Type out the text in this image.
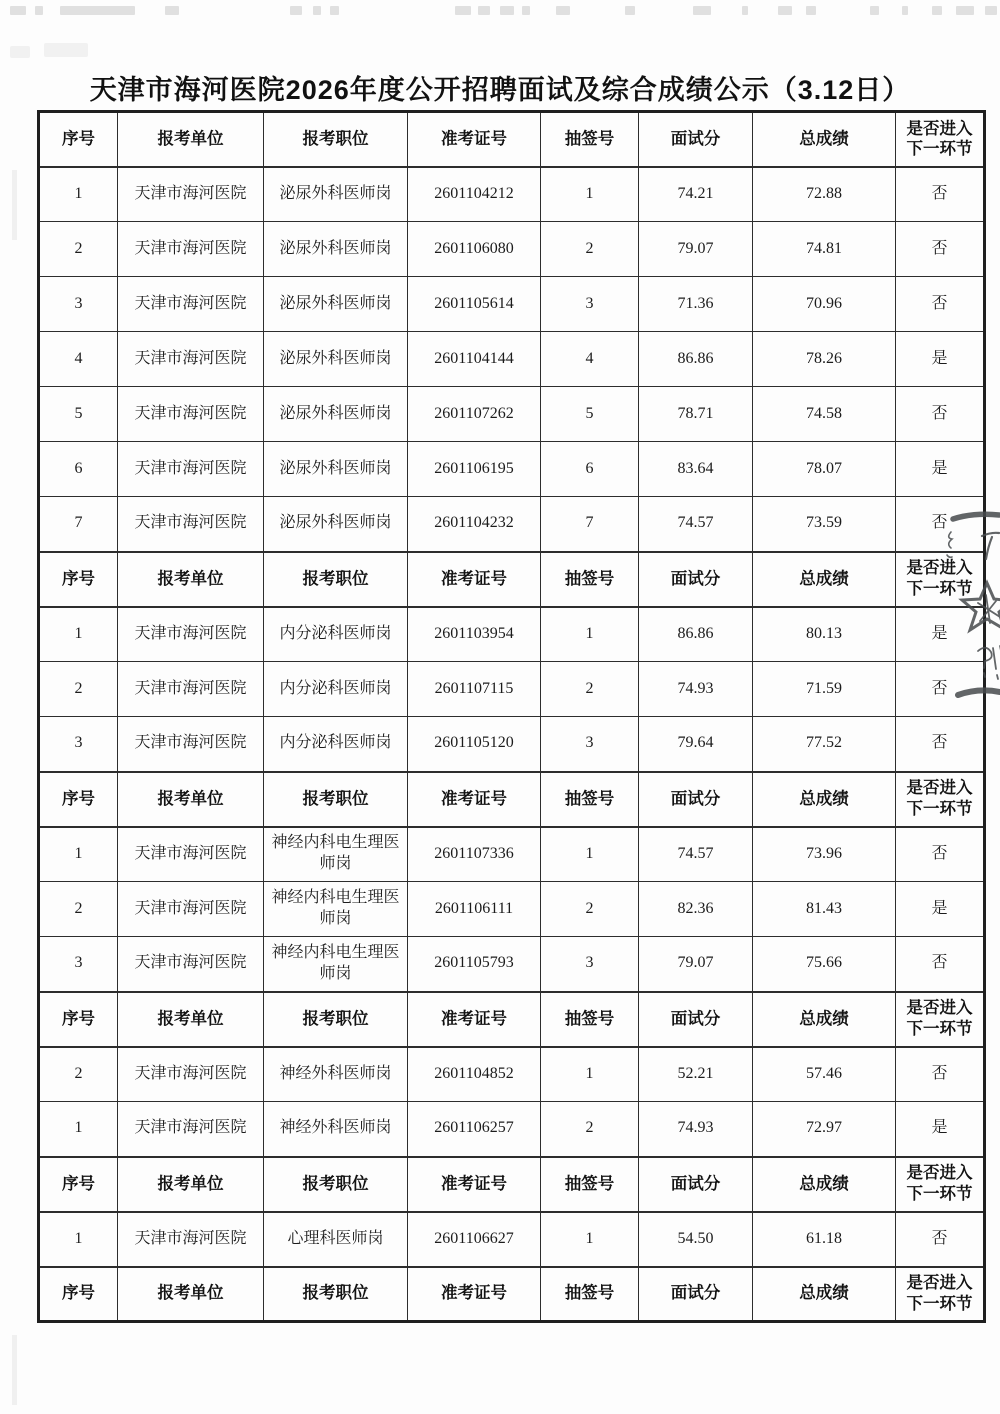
天津市海河医院2026年度公开招聘面试及综合成绩公示（3.12日）
序号	报考单位	报考职位	准考证号	抽签号	面试分	总成绩	是否进入下一环节
1	天津市海河医院	泌尿外科医师岗	2601104212	1	74.21	72.88	否
2	天津市海河医院	泌尿外科医师岗	2601106080	2	79.07	74.81	否
3	天津市海河医院	泌尿外科医师岗	2601105614	3	71.36	70.96	否
4	天津市海河医院	泌尿外科医师岗	2601104144	4	86.86	78.26	是
5	天津市海河医院	泌尿外科医师岗	2601107262	5	78.71	74.58	否
6	天津市海河医院	泌尿外科医师岗	2601106195	6	83.64	78.07	是
7	天津市海河医院	泌尿外科医师岗	2601104232	7	74.57	73.59	否
序号	报考单位	报考职位	准考证号	抽签号	面试分	总成绩	是否进入下一环节
1	天津市海河医院	内分泌科医师岗	2601103954	1	86.86	80.13	是
2	天津市海河医院	内分泌科医师岗	2601107115	2	74.93	71.59	否
3	天津市海河医院	内分泌科医师岗	2601105120	3	79.64	77.52	否
序号	报考单位	报考职位	准考证号	抽签号	面试分	总成绩	是否进入下一环节
1	天津市海河医院	神经内科电生理医师岗	2601107336	1	74.57	73.96	否
2	天津市海河医院	神经内科电生理医师岗	2601106111	2	82.36	81.43	是
3	天津市海河医院	神经内科电生理医师岗	2601105793	3	79.07	75.66	否
序号	报考单位	报考职位	准考证号	抽签号	面试分	总成绩	是否进入下一环节
2	天津市海河医院	神经外科医师岗	2601104852	1	52.21	57.46	否
1	天津市海河医院	神经外科医师岗	2601106257	2	74.93	72.97	是
序号	报考单位	报考职位	准考证号	抽签号	面试分	总成绩	是否进入下一环节
1	天津市海河医院	心理科医师岗	2601106627	1	54.50	61.18	否
序号	报考单位	报考职位	准考证号	抽签号	面试分	总成绩	是否进入下一环节
